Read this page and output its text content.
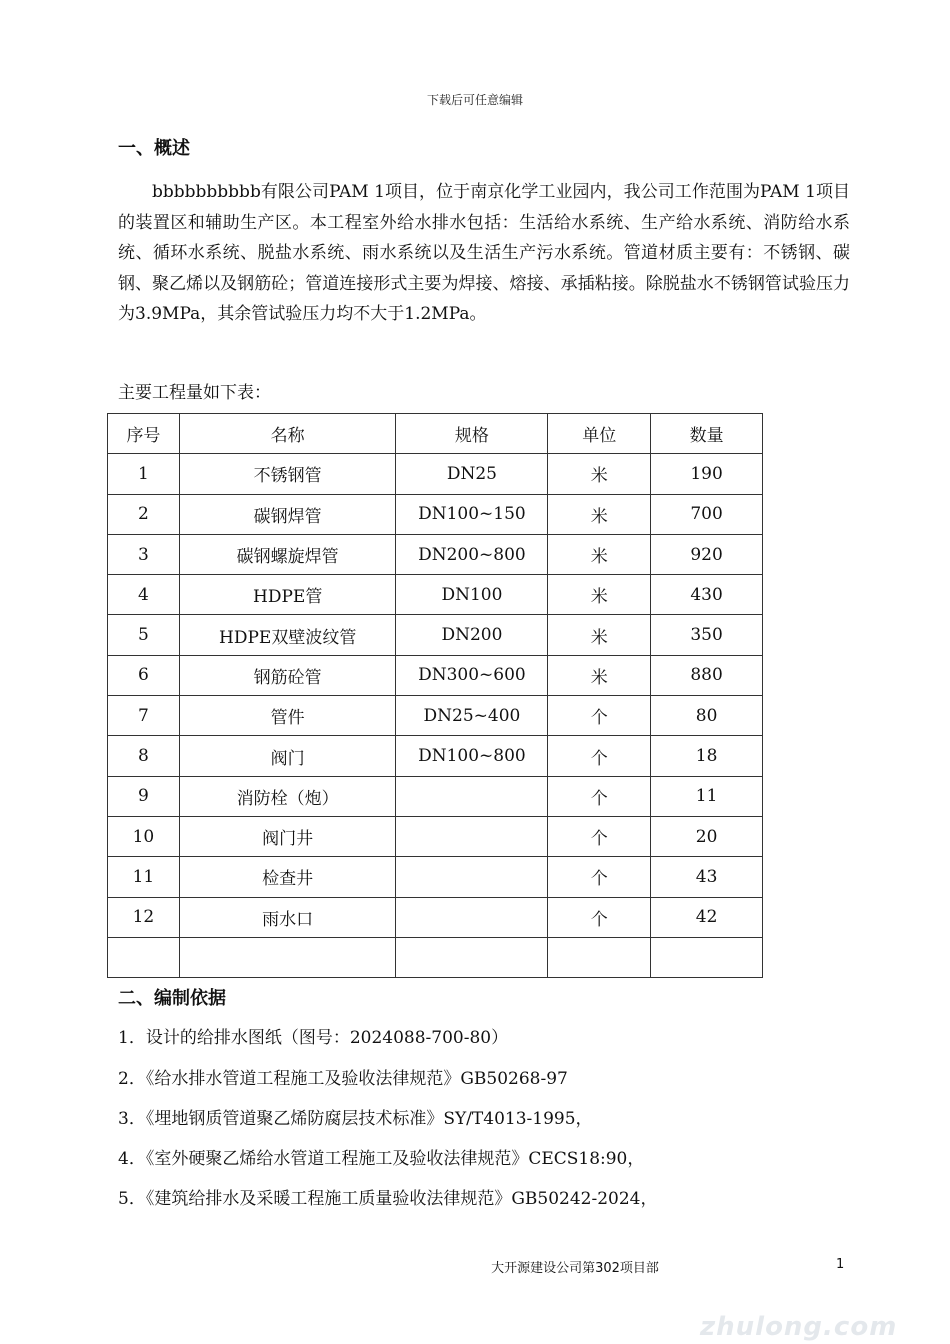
下载后可任意编辑
一、概述
bbbbbbbbbb有限公司PAM 1项目，位于南京化学工业园内，我公司工作范围为PAM 1项目的装置区和辅助生产区。本工程室外给水排水包括：生活给水系统、生产给水系统、消防给水系统、循环水系统、脱盐水系统、雨水系统以及生活生产污水系统。管道材质主要有：不锈钢、碳钢、聚乙烯以及钢筋砼；管道连接形式主要为焊接、熔接、承插粘接。除脱盐水不锈钢管试验压力为3.9MPa，其余管试验压力均不大于1.2MPa。
主要工程量如下表：
序号	名称	规格	单位	数量
1	不锈钢管	DN25	米	190
2	碳钢焊管	DN100~150	米	700
3	碳钢螺旋焊管	DN200~800	米	920
4	HDPE管	DN100	米	430
5	HDPE双壁波纹管	DN200	米	350
6	钢筋砼管	DN300~600	米	880
7	管件	DN25~400	个	80
8	阀门	DN100~800	个	18
9	消防栓（炮）		个	11
10	阀门井		个	20
11	检查井		个	43
12	雨水口		个	42

二、编制依据
1．设计的给排水图纸（图号：2024088-700-80）
2．《给水排水管道工程施工及验收法律规范》GB50268-97
3．《埋地钢质管道聚乙烯防腐层技术标准》SY/T4013-1995，
4．《室外硬聚乙烯给水管道工程施工及验收法律规范》CECS18:90，
5．《建筑给排水及采暖工程施工质量验收法律规范》GB50242-2024，
大开源建设公司第302项目部	1
zhulong.com
